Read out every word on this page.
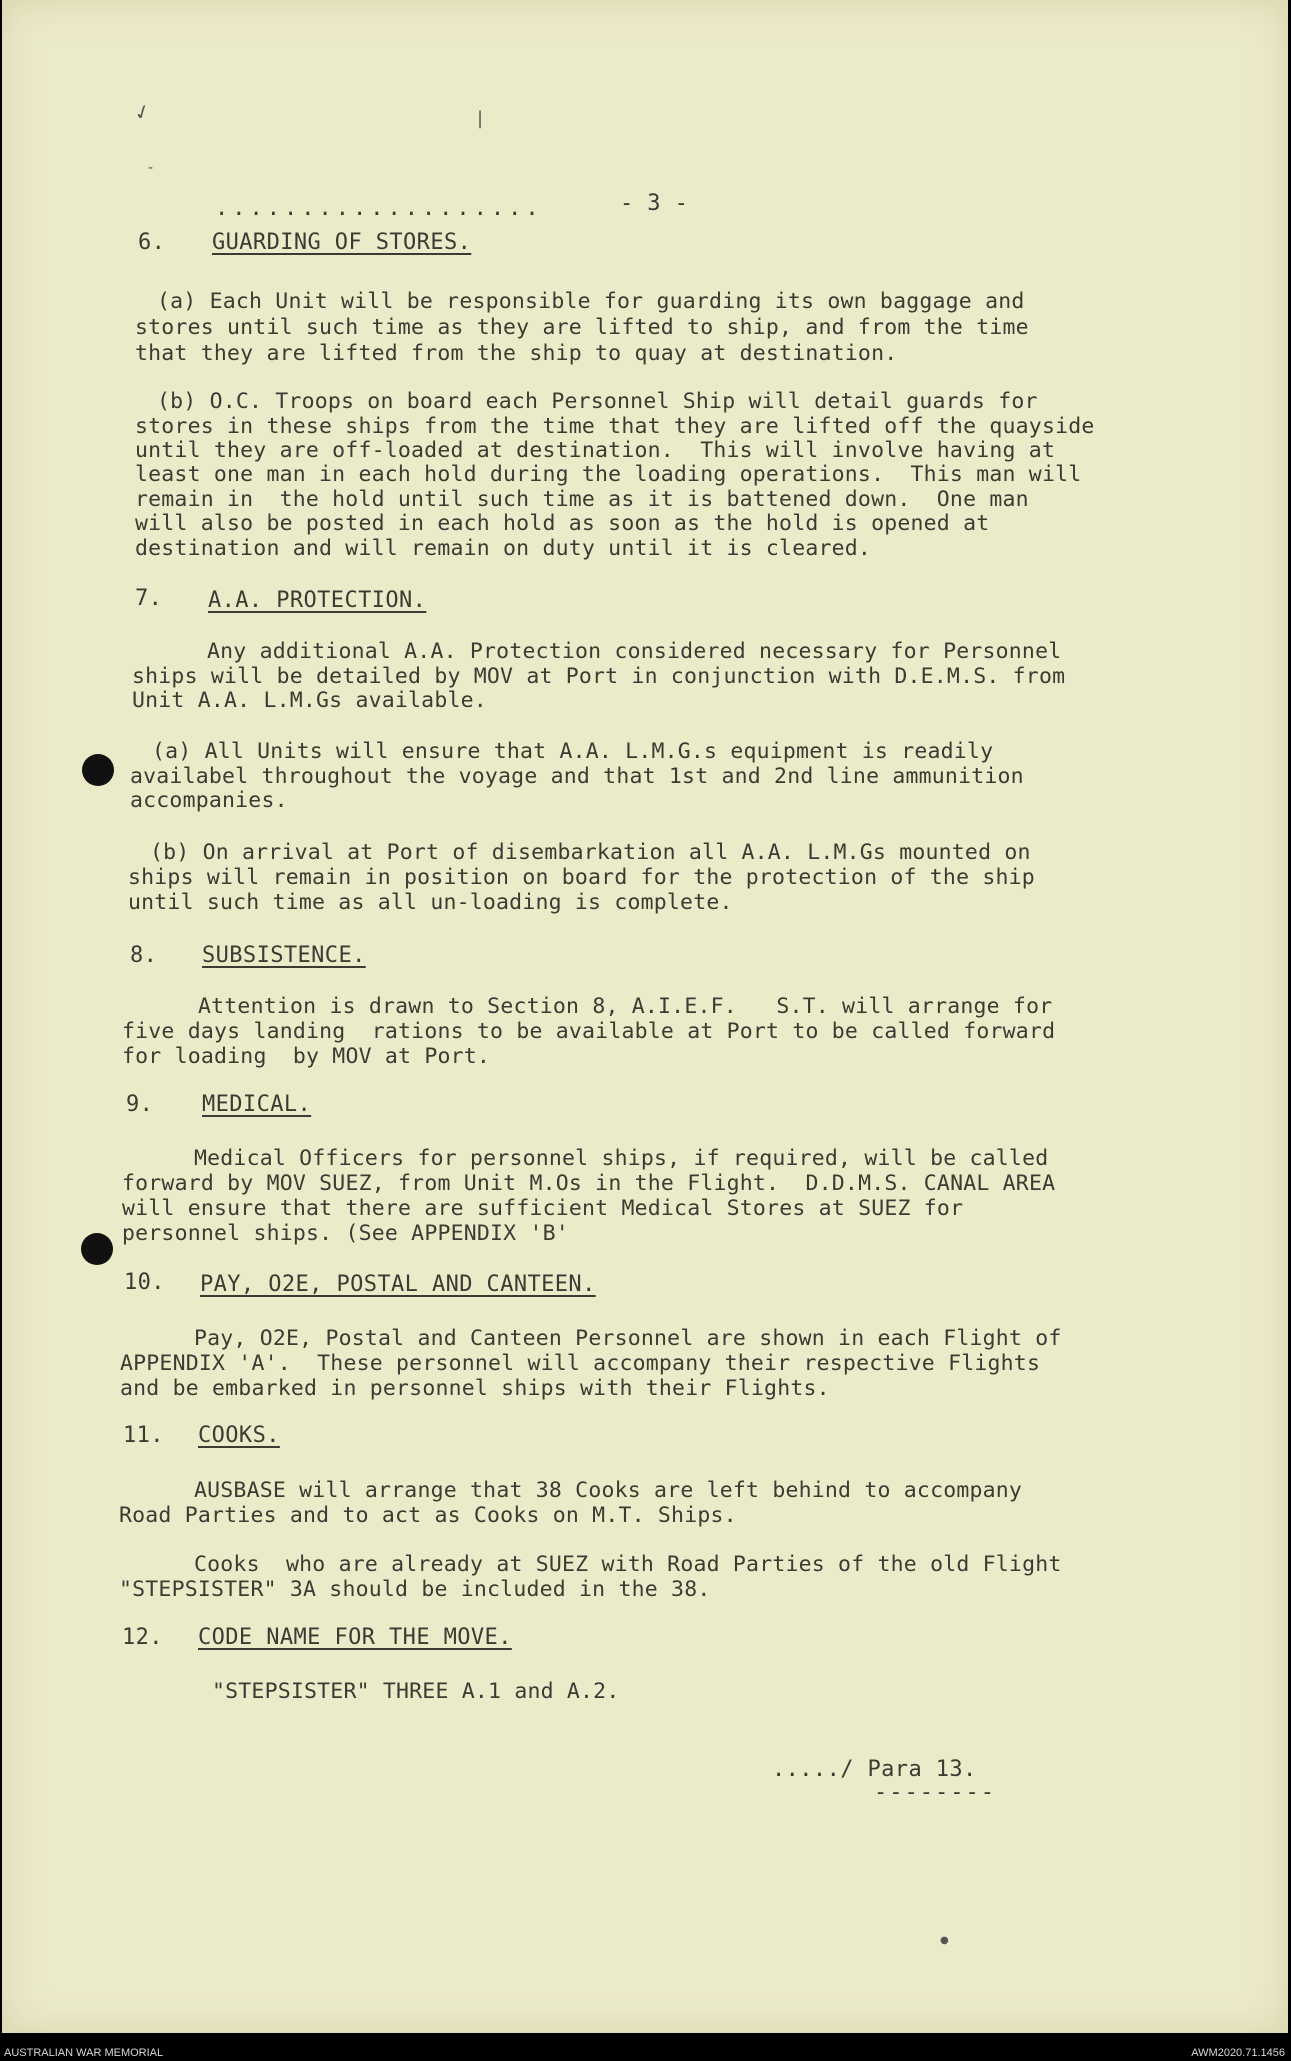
✓
-
|
...................	- 3 -
6. GUARDING OF STORES.
(a) Each Unit will be responsible for guarding its own baggage and
stores until such time as they are lifted to ship, and from the time
that they are lifted from the ship to quay at destination.
(b) O.C. Troops on board each Personnel Ship will detail guards for
stores in these ships from the time that they are lifted off the quayside
until they are off-loaded at destination.  This will involve having at
least one man in each hold during the loading operations.  This man will
remain in  the hold until such time as it is battened down.  One man
will also be posted in each hold as soon as the hold is opened at
destination and will remain on duty until it is cleared.
7. A.A. PROTECTION.
Any additional A.A. Protection considered necessary for Personnel
ships will be detailed by MOV at Port in conjunction with D.E.M.S. from
Unit A.A. L.M.Gs available.
(a) All Units will ensure that A.A. L.M.G.s equipment is readily
availabel throughout the voyage and that 1st and 2nd line ammunition
accompanies.
(b) On arrival at Port of disembarkation all A.A. L.M.Gs mounted on
ships will remain in position on board for the protection of the ship
until such time as all un-loading is complete.
8. SUBSISTENCE.
Attention is drawn to Section 8, A.I.E.F.   S.T. will arrange for
five days landing  rations to be available at Port to be called forward
for loading  by MOV at Port.
9. MEDICAL.
Medical Officers for personnel ships, if required, will be called
forward by MOV SUEZ, from Unit M.Os in the Flight.  D.D.M.S. CANAL AREA
will ensure that there are sufficient Medical Stores at SUEZ for
personnel ships. (See APPENDIX 'B'
10. PAY, O2E, POSTAL AND CANTEEN.
Pay, O2E, Postal and Canteen Personnel are shown in each Flight of
APPENDIX 'A'.  These personnel will accompany their respective Flights
and be embarked in personnel ships with their Flights.
11. COOKS.
AUSBASE will arrange that 38 Cooks are left behind to accompany
Road Parties and to act as Cooks on M.T. Ships.
Cooks  who are already at SUEZ with Road Parties of the old Flight
"STEPSISTER" 3A should be included in the 38.
12. CODE NAME FOR THE MOVE.
"STEPSISTER" THREE A.1 and A.2.
...../ Para 13.
--------
●
AUSTRALIAN WAR MEMORIAL	AWM2020.71.1456
